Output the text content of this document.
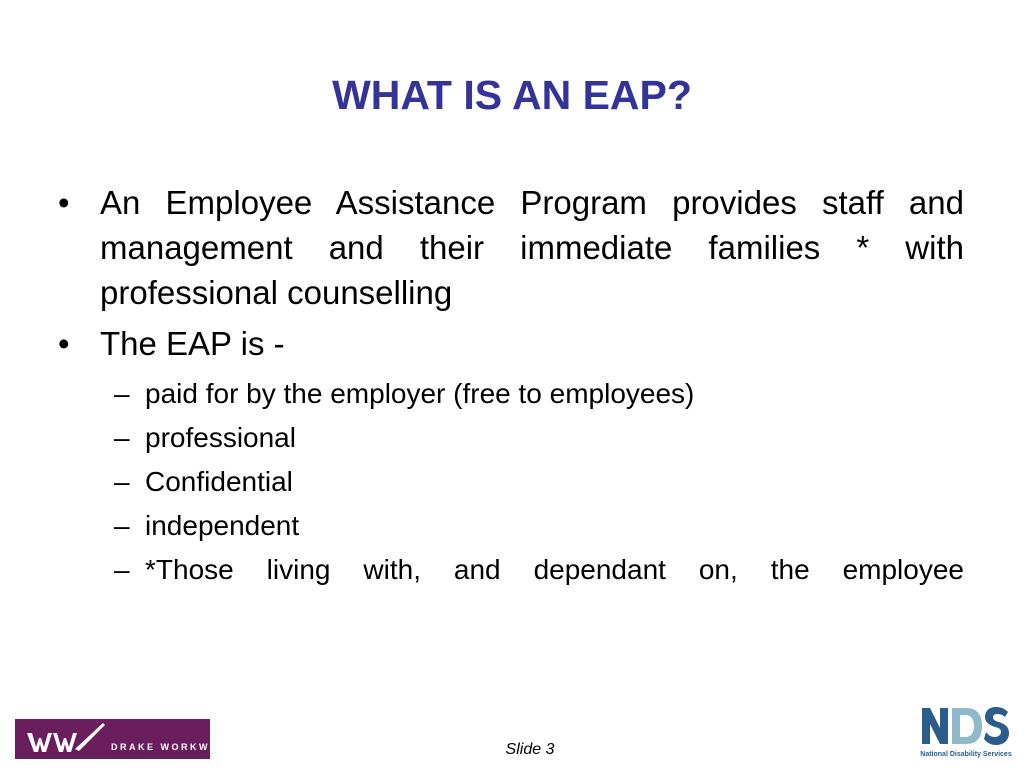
WHAT IS AN EAP?

• An Employee Assistance Program provides staff and management and their immediate families * with professional counselling

• The EAP is -

– paid for by the employer (free to employees)

– professional

– Confidential

– independent

– *Those living with, and dependant on, the employee

DRAKE WORKWISE	Slide 3	National Disability Services
